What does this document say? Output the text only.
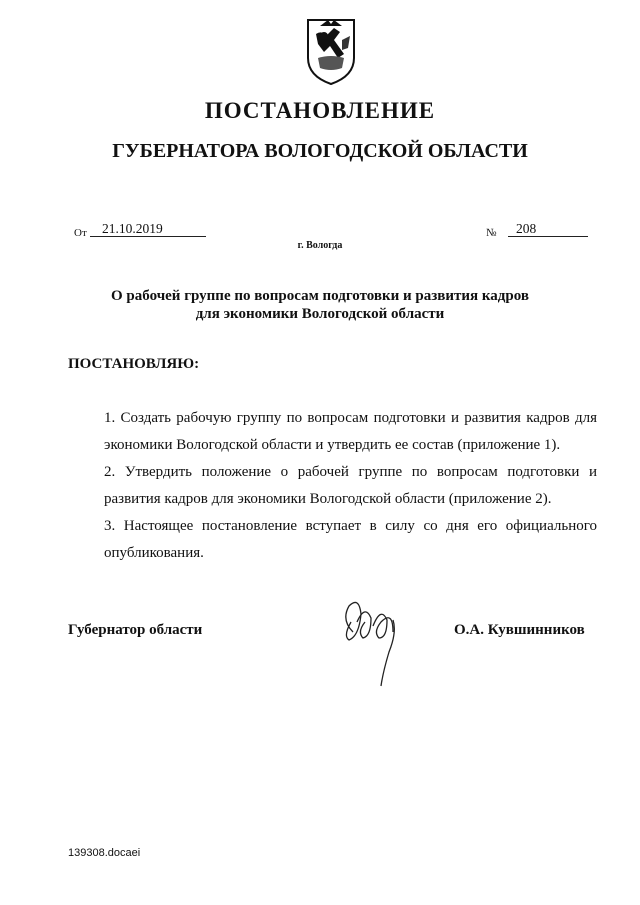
ПОСТАНОВЛЕНИЕ
ГУБЕРНАТОРА ВОЛОГОДСКОЙ ОБЛАСТИ
От 21.10.2019	№ 208
г. Вологда
О рабочей группе по вопросам подготовки и развития кадров
для экономики Вологодской области
ПОСТАНОВЛЯЮ:

1. Создать рабочую группу по вопросам подготовки и развития кадров для экономики Вологодской области и утвердить ее состав (приложение 1).

2. Утвердить положение о рабочей группе по вопросам подготовки и развития кадров для экономики Вологодской области (приложение 2).

3. Настоящее постановление вступает в силу со дня его официального опубликования.

Губернатор области	О.А. Кувшинников
139308.docaei
